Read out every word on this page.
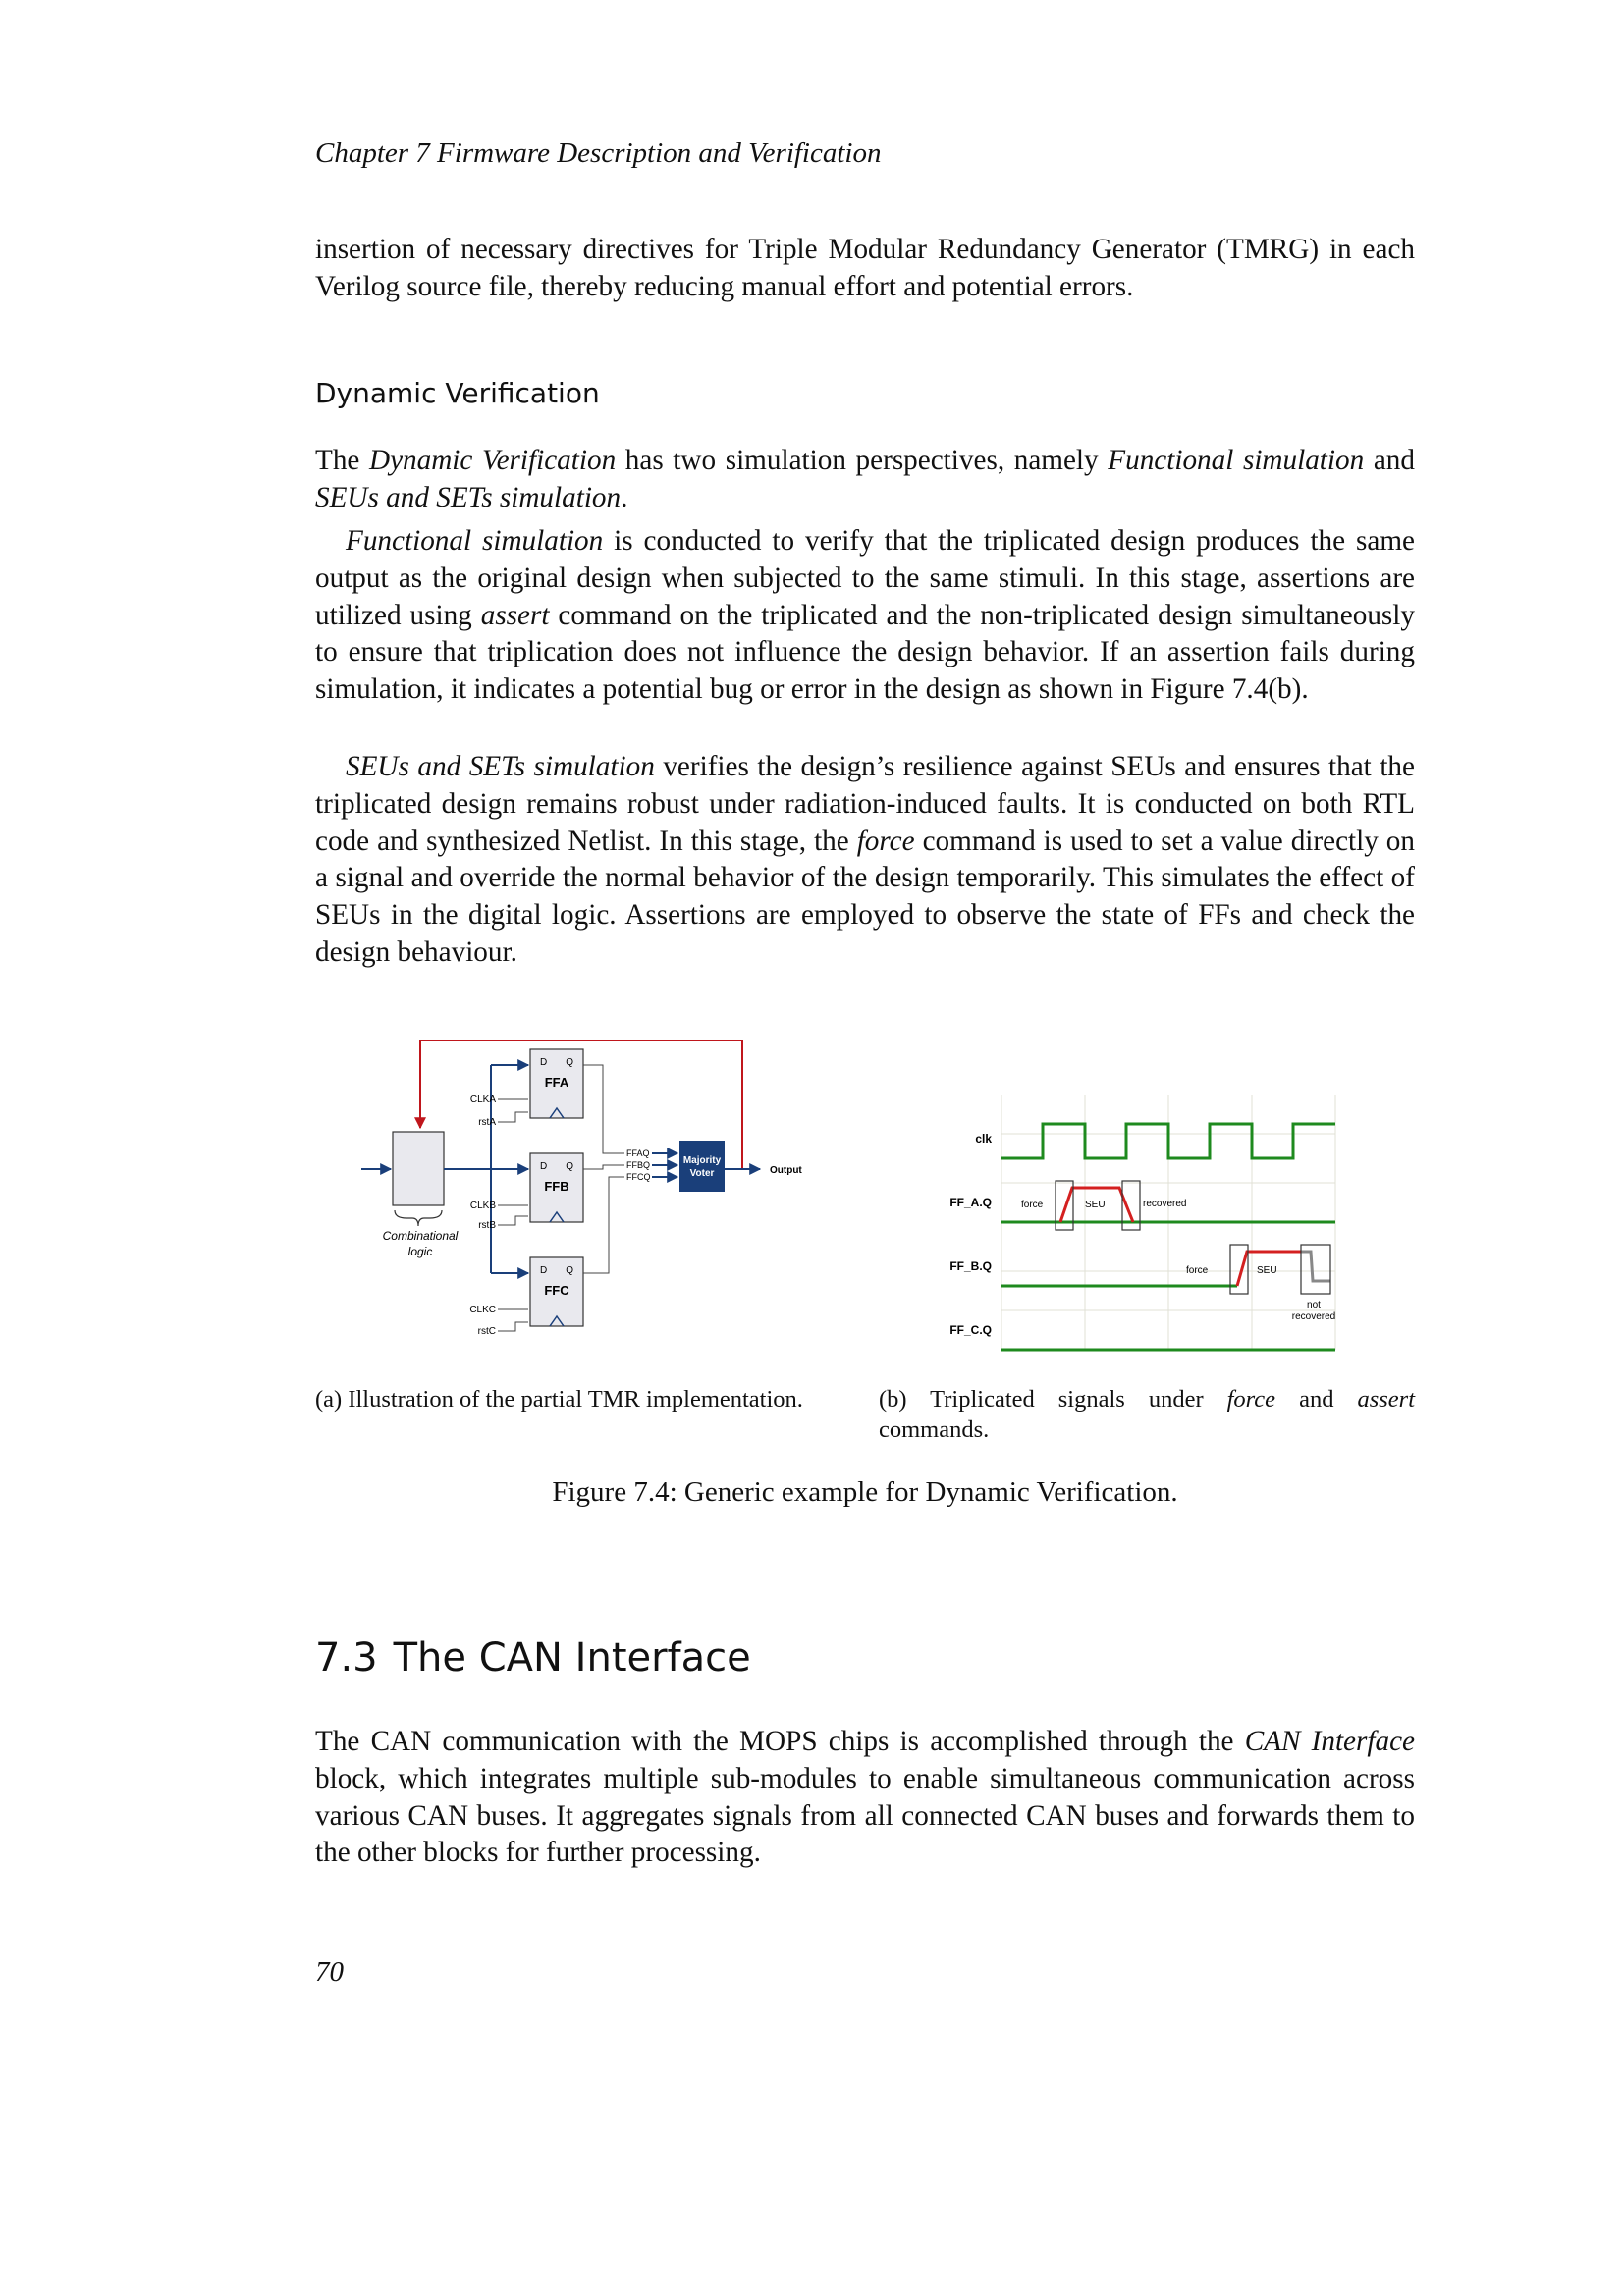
Chapter 7 Firmware Description and Verification

insertion of necessary directives for Triple Modular Redundancy Generator (TMRG) in each Verilog source file, thereby reducing manual effort and potential errors.

Dynamic Verification

The Dynamic Verification has two simulation perspectives, namely Functional simulation and SEUs and SETs simulation.

Functional simulation is conducted to verify that the triplicated design produces the same output as the original design when subjected to the same stimuli. In this stage, assertions are utilized using assert command on the triplicated and the non-triplicated design simultaneously to ensure that triplication does not influence the design behavior. If an assertion fails during simulation, it indicates a potential bug or error in the design as shown in Figure 7.4(b).

SEUs and SETs simulation verifies the design’s resilience against SEUs and ensures that the triplicated design remains robust under radiation-induced faults. It is conducted on both RTL code and synthesized Netlist. In this stage, the force command is used to set a value directly on a signal and override the normal behavior of the design temporarily. This simulates the effect of SEUs in the digital logic. Assertions are employed to observe the state of FFs and check the design behaviour.

Combinational
logic
D Q
FFA
CLKA
rstA
D Q
FFB
CLKB
rstB
D Q
FFC
CLKC
rstC
FFAQ
FFBQ
FFCQ
Majority
Voter	Output
clk
FF_A.Q
FF_B.Q
FF_C.Q
force	SEU	recovered
force	SEU
not
recovered

(a) Illustration of the partial TMR implementation.	(b) Triplicated signals under force and assert commands.

Figure 7.4: Generic example for Dynamic Verification.

7.3 The CAN Interface

The CAN communication with the MOPS chips is accomplished through the CAN Interface block, which integrates multiple sub-modules to enable simultaneous communication across various CAN buses. It aggregates signals from all connected CAN buses and forwards them to the other blocks for further processing.

70
